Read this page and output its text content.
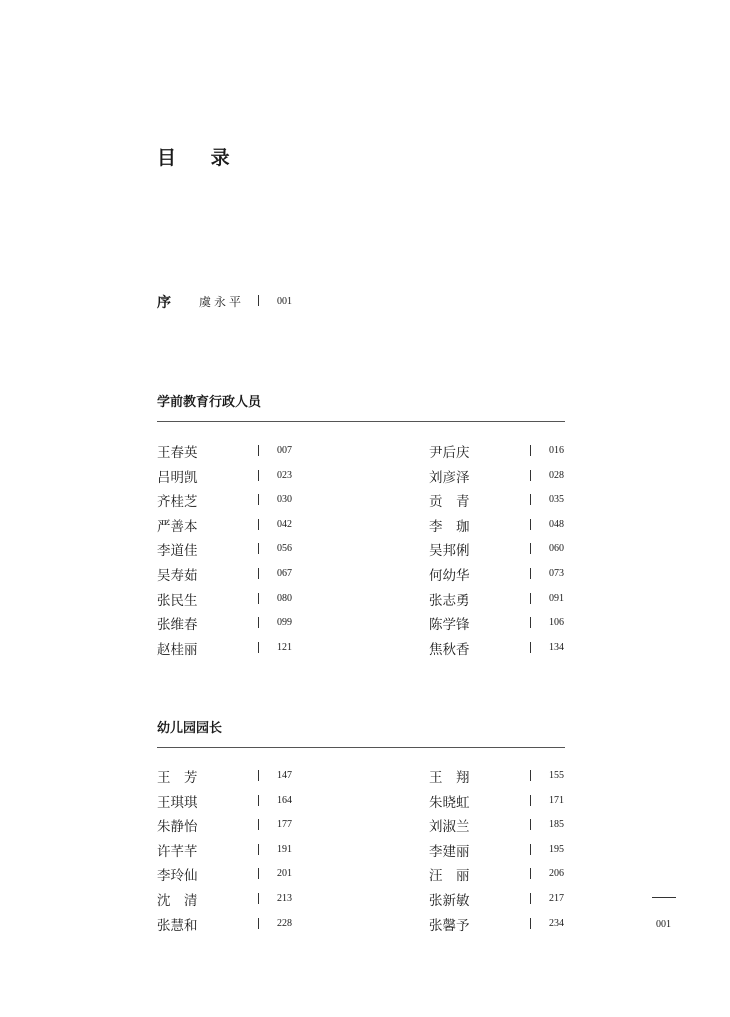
目 录
序 虞永平	001
学前教育行政人员
王春英	007	尹后庆	016
吕明凯	023	刘彦泽	028
齐桂芝	030	贡　青	035
严善本	042	李　珈	048
李道佳	056	吴邦俐	060
吴寿茹	067	何幼华	073
张民生	080	张志勇	091
张维春	099	陈学锋	106
赵桂丽	121	焦秋香	134
幼儿园园长
王　芳	147	王　翔	155
王琪琪	164	朱晓虹	171
朱静怡	177	刘淑兰	185
许芊芊	191	李建丽	195
李玲仙	201	汪　丽	206
沈　清	213	张新敏	217
张慧和	228	张馨予	234	001
